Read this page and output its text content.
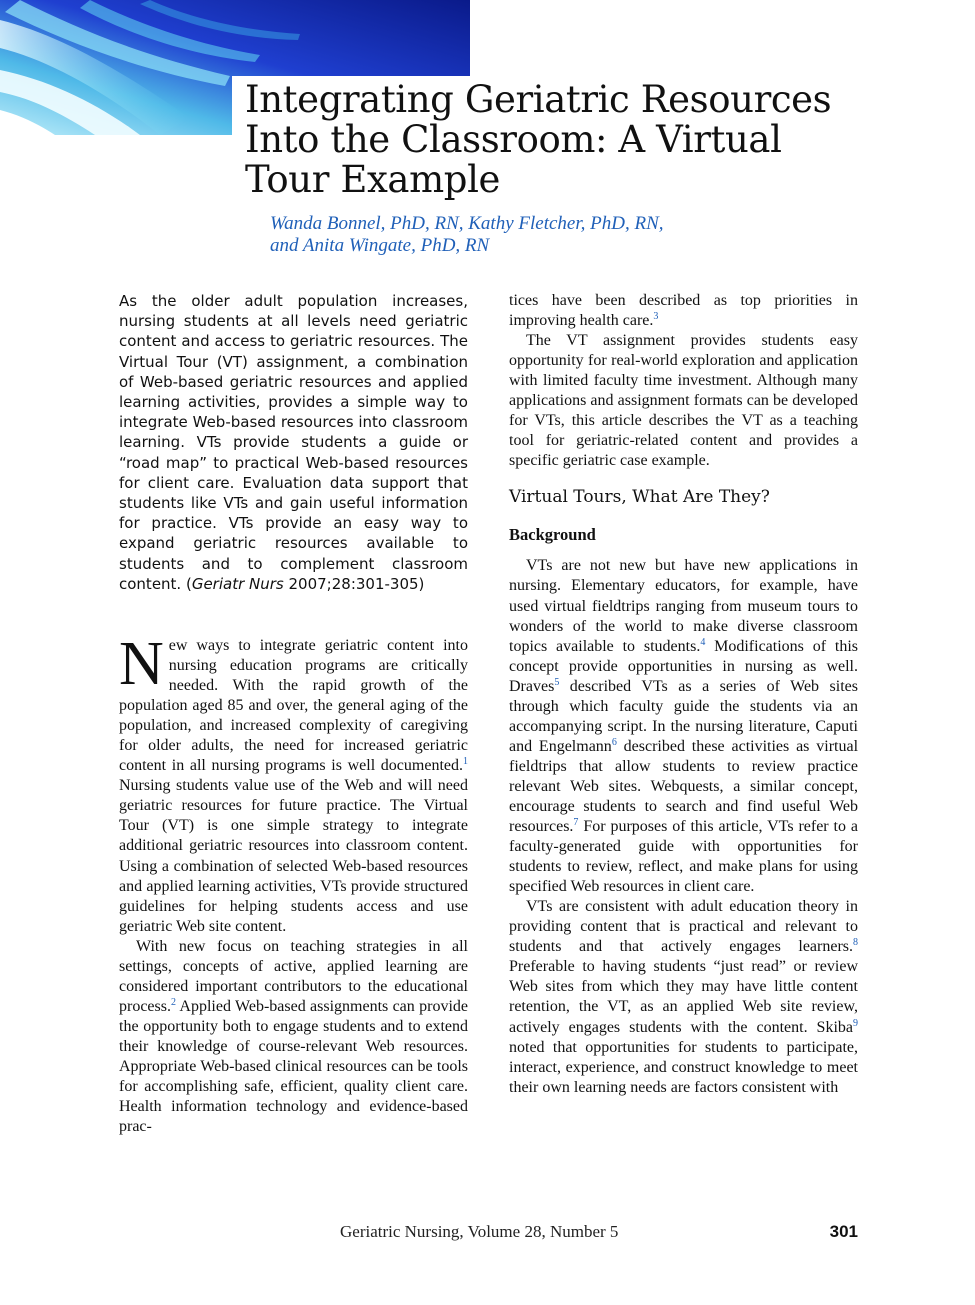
Integrating Geriatric Resources
Into the Classroom: A Virtual
Tour Example

Wanda Bonnel, PhD, RN, Kathy Fletcher, PhD, RN,
and Anita Wingate, PhD, RN

As the older adult population increases, nursing students at all levels need geriatric content and access to geriatric resources. The Virtual Tour (VT) assignment, a combination of Web-based geriatric resources and applied learning activities, provides a simple way to integrate Web-based resources into classroom learning. VTs provide students a guide or “road map” to practical Web-based resources for client care. Evaluation data support that students like VTs and gain useful information for practice. VTs provide an easy way to expand geriatric resources available to students and to complement classroom content. (Geriatr Nurs 2007;28:301-305)

New ways to integrate geriatric content into nursing education programs are critically needed. With the rapid growth of the population aged 85 and over, the general aging of the population, and increased complexity of caregiving for older adults, the need for increased geriatric content in all nursing programs is well documented.$^1$ Nursing students value use of the Web and will need geriatric resources for future practice. The Virtual Tour (VT) is one simple strategy to integrate additional geriatric resources into classroom content. Using a combination of selected Web-based resources and applied learning activities, VTs provide structured guidelines for helping students access and use geriatric Web site content.

With new focus on teaching strategies in all settings, concepts of active, applied learning are considered important contributors to the educational process.$^2$ Applied Web-based assignments can provide the opportunity both to engage students and to extend their knowledge of course-relevant Web resources. Appropriate Web-based clinical resources can be tools for accomplishing safe, efficient, quality client care. Health information technology and evidence-based prac-

tices have been described as top priorities in improving health care.$^3$

The VT assignment provides students easy opportunity for real-world exploration and application with limited faculty time investment. Although many applications and assignment formats can be developed for VTs, this article describes the VT as a teaching tool for geriatric-related content and provides a specific geriatric case example.

Virtual Tours, What Are They?
Background

VTs are not new but have new applications in nursing. Elementary educators, for example, have used virtual fieldtrips ranging from museum tours to wonders of the world to make diverse classroom topics available to students.$^4$ Modifications of this concept provide opportunities in nursing as well. Draves$^5$ described VTs as a series of Web sites through which faculty guide the students via an accompanying script. In the nursing literature, Caputi and Engelmann$^6$ described these activities as virtual fieldtrips that allow students to review practice relevant Web sites. Webquests, a similar concept, encourage students to search and find useful Web resources.$^7$ For purposes of this article, VTs refer to a faculty-generated guide with opportunities for students to review, reflect, and make plans for using specified Web resources in client care.

VTs are consistent with adult education theory in providing content that is practical and relevant to students and that actively engages learners.$^8$ Preferable to having students “just read” or review Web sites from which they may have little content retention, the VT, as an applied Web site review, actively engages students with the content. Skiba$^9$ noted that opportunities for students to participate, interact, experience, and construct knowledge to meet their own learning needs are factors consistent with

Geriatric Nursing, Volume 28, Number 5	301
